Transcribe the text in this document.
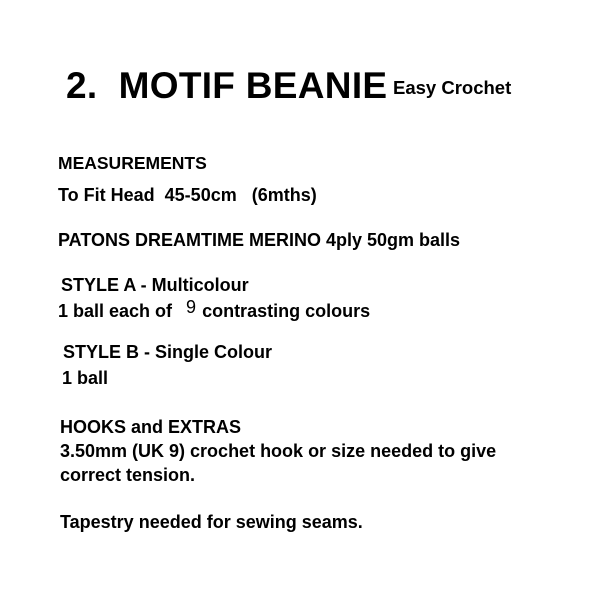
2.  MOTIF BEANIE Easy Crochet
MEASUREMENTS
To Fit Head  45-50cm   (6mths)
PATONS DREAMTIME MERINO 4ply 50gm balls
STYLE A - Multicolour
1 ball each of 9 contrasting colours
STYLE B - Single Colour
1 ball
HOOKS and EXTRAS
3.50mm (UK 9) crochet hook or size needed to give
correct tension.
Tapestry needed for sewing seams.
